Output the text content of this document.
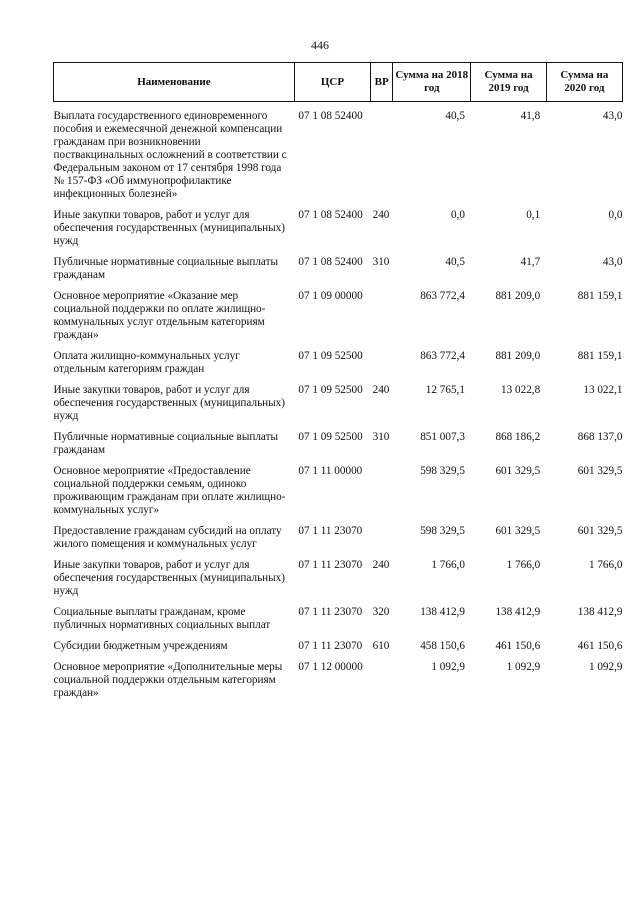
446
Наименование	ЦСР	ВР	Сумма на 2018 год	Сумма на 2019 год	Сумма на 2020 год

Выплата государственного единовременного пособия и ежемесячной денежной компенсации гражданам при возникновении поствакцинальных осложнений в соответствии с Федеральным законом от 17 сентября 1998 года № 157-ФЗ «Об иммунопрофилактике инфекционных болезней»	07 1 08 52400		40,5	41,8	43,0

Иные закупки товаров, работ и услуг для обеспечения государственных (муниципальных) нужд	07 1 08 52400	240	0,0	0,1	0,0

Публичные нормативные социальные выплаты гражданам	07 1 08 52400	310	40,5	41,7	43,0

Основное мероприятие «Оказание мер социальной поддержки по оплате жилищно-коммунальных услуг отдельным категориям граждан»	07 1 09 00000		863 772,4	881 209,0	881 159,1

Оплата жилищно-коммунальных услуг отдельным категориям граждан	07 1 09 52500		863 772,4	881 209,0	881 159,1

Иные закупки товаров, работ и услуг для обеспечения государственных (муниципальных) нужд	07 1 09 52500	240	12 765,1	13 022,8	13 022,1

Публичные нормативные социальные выплаты гражданам	07 1 09 52500	310	851 007,3	868 186,2	868 137,0

Основное мероприятие «Предоставление социальной поддержки семьям, одиноко проживающим гражданам при оплате жилищно-коммунальных услуг»	07 1 11 00000		598 329,5	601 329,5	601 329,5

Предоставление гражданам субсидий на оплату жилого помещения и коммунальных услуг	07 1 11 23070		598 329,5	601 329,5	601 329,5

Иные закупки товаров, работ и услуг для обеспечения государственных (муниципальных) нужд	07 1 11 23070	240	1 766,0	1 766,0	1 766,0

Социальные выплаты гражданам, кроме публичных нормативных социальных выплат	07 1 11 23070	320	138 412,9	138 412,9	138 412,9

Субсидии бюджетным учреждениям	07 1 11 23070	610	458 150,6	461 150,6	461 150,6

Основное мероприятие «Дополнительные меры социальной поддержки отдельным категориям граждан»	07 1 12 00000		1 092,9	1 092,9	1 092,9
